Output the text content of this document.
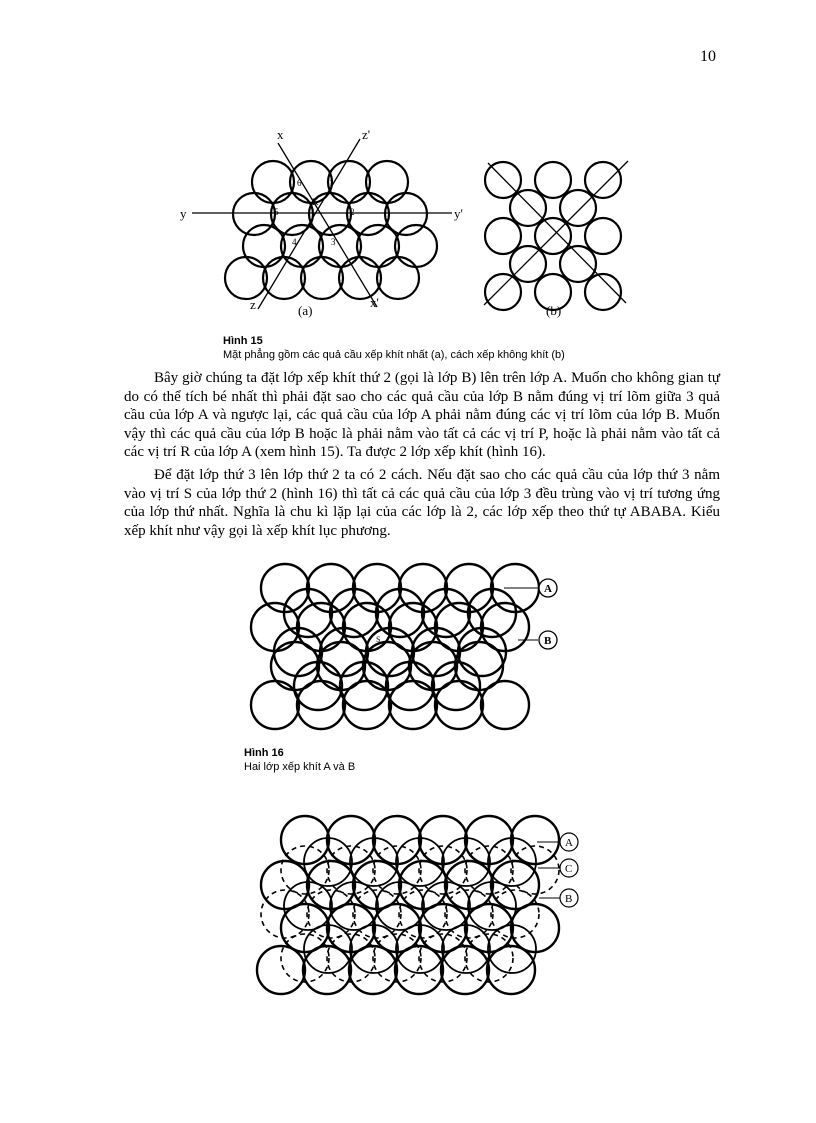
10
x
x'
y	y'
z
z'
1
2
3
4
5
6
K
(a)	(b)
Hình 15
Mặt phẳng gồm các quả cầu xếp khít nhất (a), cách xếp không khít (b)

Bây giờ chúng ta đặt lớp xếp khít thứ 2 (gọi là lớp B) lên trên lớp A. Muốn cho không gian tự do có thể tích bé nhất thì phải đặt sao cho các quả cầu của lớp B nằm đúng vị trí lõm giữa 3 quả cầu của lớp A và ngược lại, các quả cầu của lớp A phải nằm đúng các vị trí lõm của lớp B. Muốn vậy thì các quả cầu của lớp B hoặc là phải nằm vào tất cả các vị trí P, hoặc là phải nằm vào tất cả các vị trí R của lớp A (xem hình 15). Ta được 2 lớp xếp khít (hình 16).

Để đặt lớp thứ 3 lên lớp thứ 2 ta có 2 cách. Nếu đặt sao cho các quả cầu của lớp thứ 3 nằm vào vị trí S của lớp thứ 2 (hình 16) thì tất cả các quả cầu của lớp 3 đều trùng vào vị trí tương ứng của lớp thứ nhất. Nghĩa là chu kì lặp lại của các lớp là 2, các lớp xếp theo thứ tự ABABA. Kiểu xếp khít như vậy gọi là xếp khít lục phương.

A
B
S
Hình 16
Hai lớp xếp khít A và B
A
C
B
